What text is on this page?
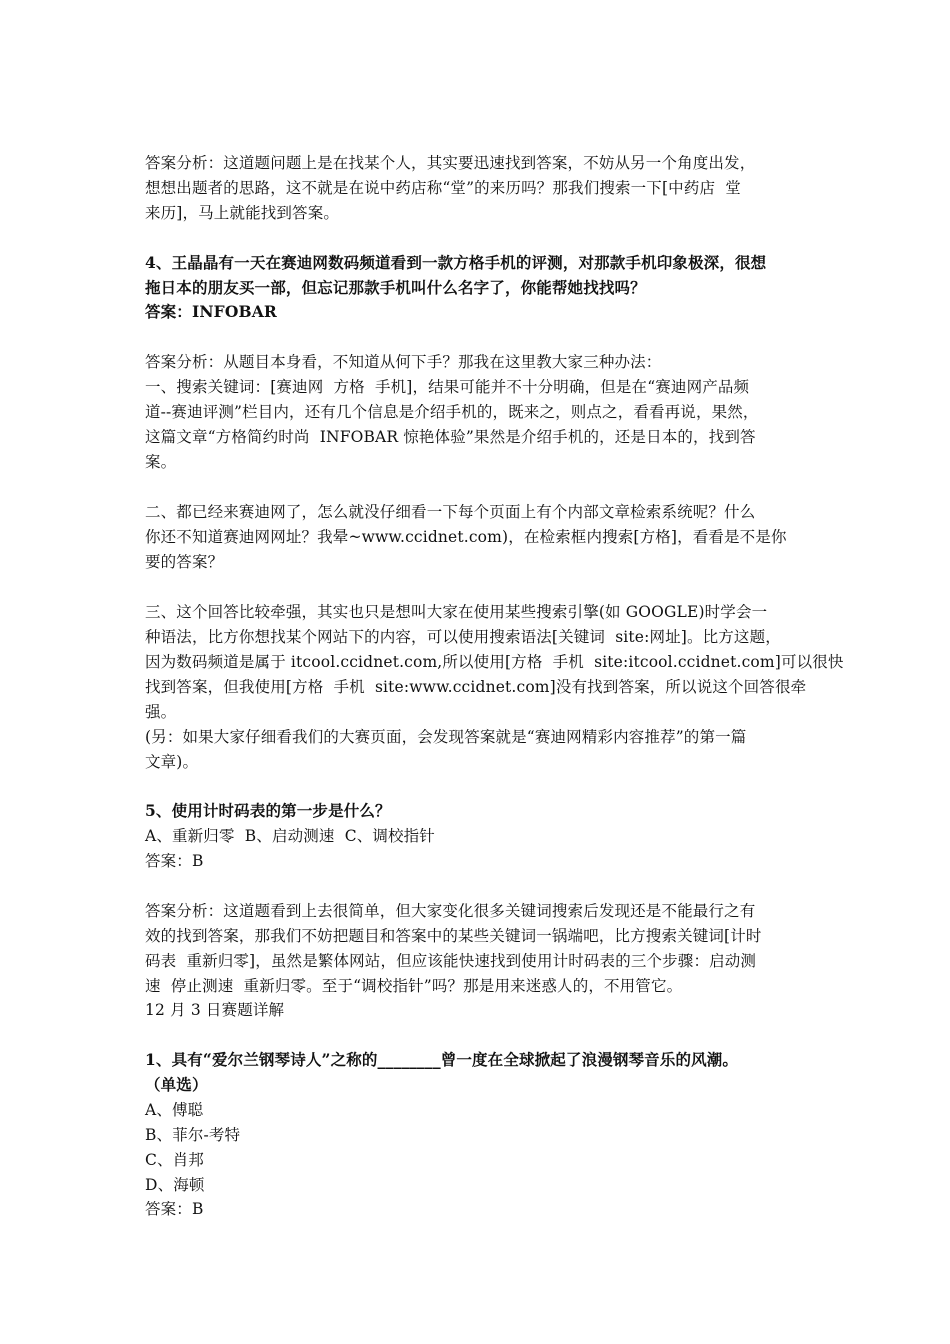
答案分析：这道题问题上是在找某个人，其实要迅速找到答案，不妨从另一个角度出发，
想想出题者的思路，这不就是在说中药店称“堂”的来历吗？那我们搜索一下[中药店  堂
来历]，马上就能找到答案。
4、王晶晶有一天在赛迪网数码频道看到一款方格手机的评测，对那款手机印象极深，很想
拖日本的朋友买一部，但忘记那款手机叫什么名字了，你能帮她找找吗？
答案：INFOBAR
答案分析：从题目本身看，不知道从何下手？那我在这里教大家三种办法：
一、搜索关键词：[赛迪网  方格  手机]，结果可能并不十分明确，但是在“赛迪网产品频
道--赛迪评测”栏目内，还有几个信息是介绍手机的，既来之，则点之，看看再说，果然，
这篇文章“方格简约时尚  INFOBAR 惊艳体验”果然是介绍手机的，还是日本的，找到答
案。
二、都已经来赛迪网了，怎么就没仔细看一下每个页面上有个内部文章检索系统呢？什么
你还不知道赛迪网网址？我晕~www.ccidnet.com)，在检索框内搜索[方格]，看看是不是你
要的答案？
三、这个回答比较牵强，其实也只是想叫大家在使用某些搜索引擎(如 GOOGLE)时学会一
种语法，比方你想找某个网站下的内容，可以使用搜索语法[关键词  site:网址]。比方这题，
因为数码频道是属于 itcool.ccidnet.com,所以使用[方格  手机  site:itcool.ccidnet.com]可以很快
找到答案，但我使用[方格  手机  site:www.ccidnet.com]没有找到答案，所以说这个回答很牵
强。
(另：如果大家仔细看我们的大赛页面，会发现答案就是“赛迪网精彩内容推荐”的第一篇
文章)。
5、使用计时码表的第一步是什么？
A、重新归零  B、启动测速  C、调校指针
答案：B
答案分析：这道题看到上去很简单，但大家变化很多关键词搜索后发现还是不能最行之有
效的找到答案，那我们不妨把题目和答案中的某些关键词一锅端吧，比方搜索关键词[计时
码表  重新归零]，虽然是繁体网站，但应该能快速找到使用计时码表的三个步骤：启动测
速  停止测速  重新归零。至于“调校指针”吗？那是用来迷惑人的，不用管它。
12 月 3 日赛题详解
1、具有“爱尔兰钢琴诗人”之称的________曾一度在全球掀起了浪漫钢琴音乐的风潮。
（单选）
A、傅聪
B、菲尔-考特
C、肖邦
D、海顿
答案：B
